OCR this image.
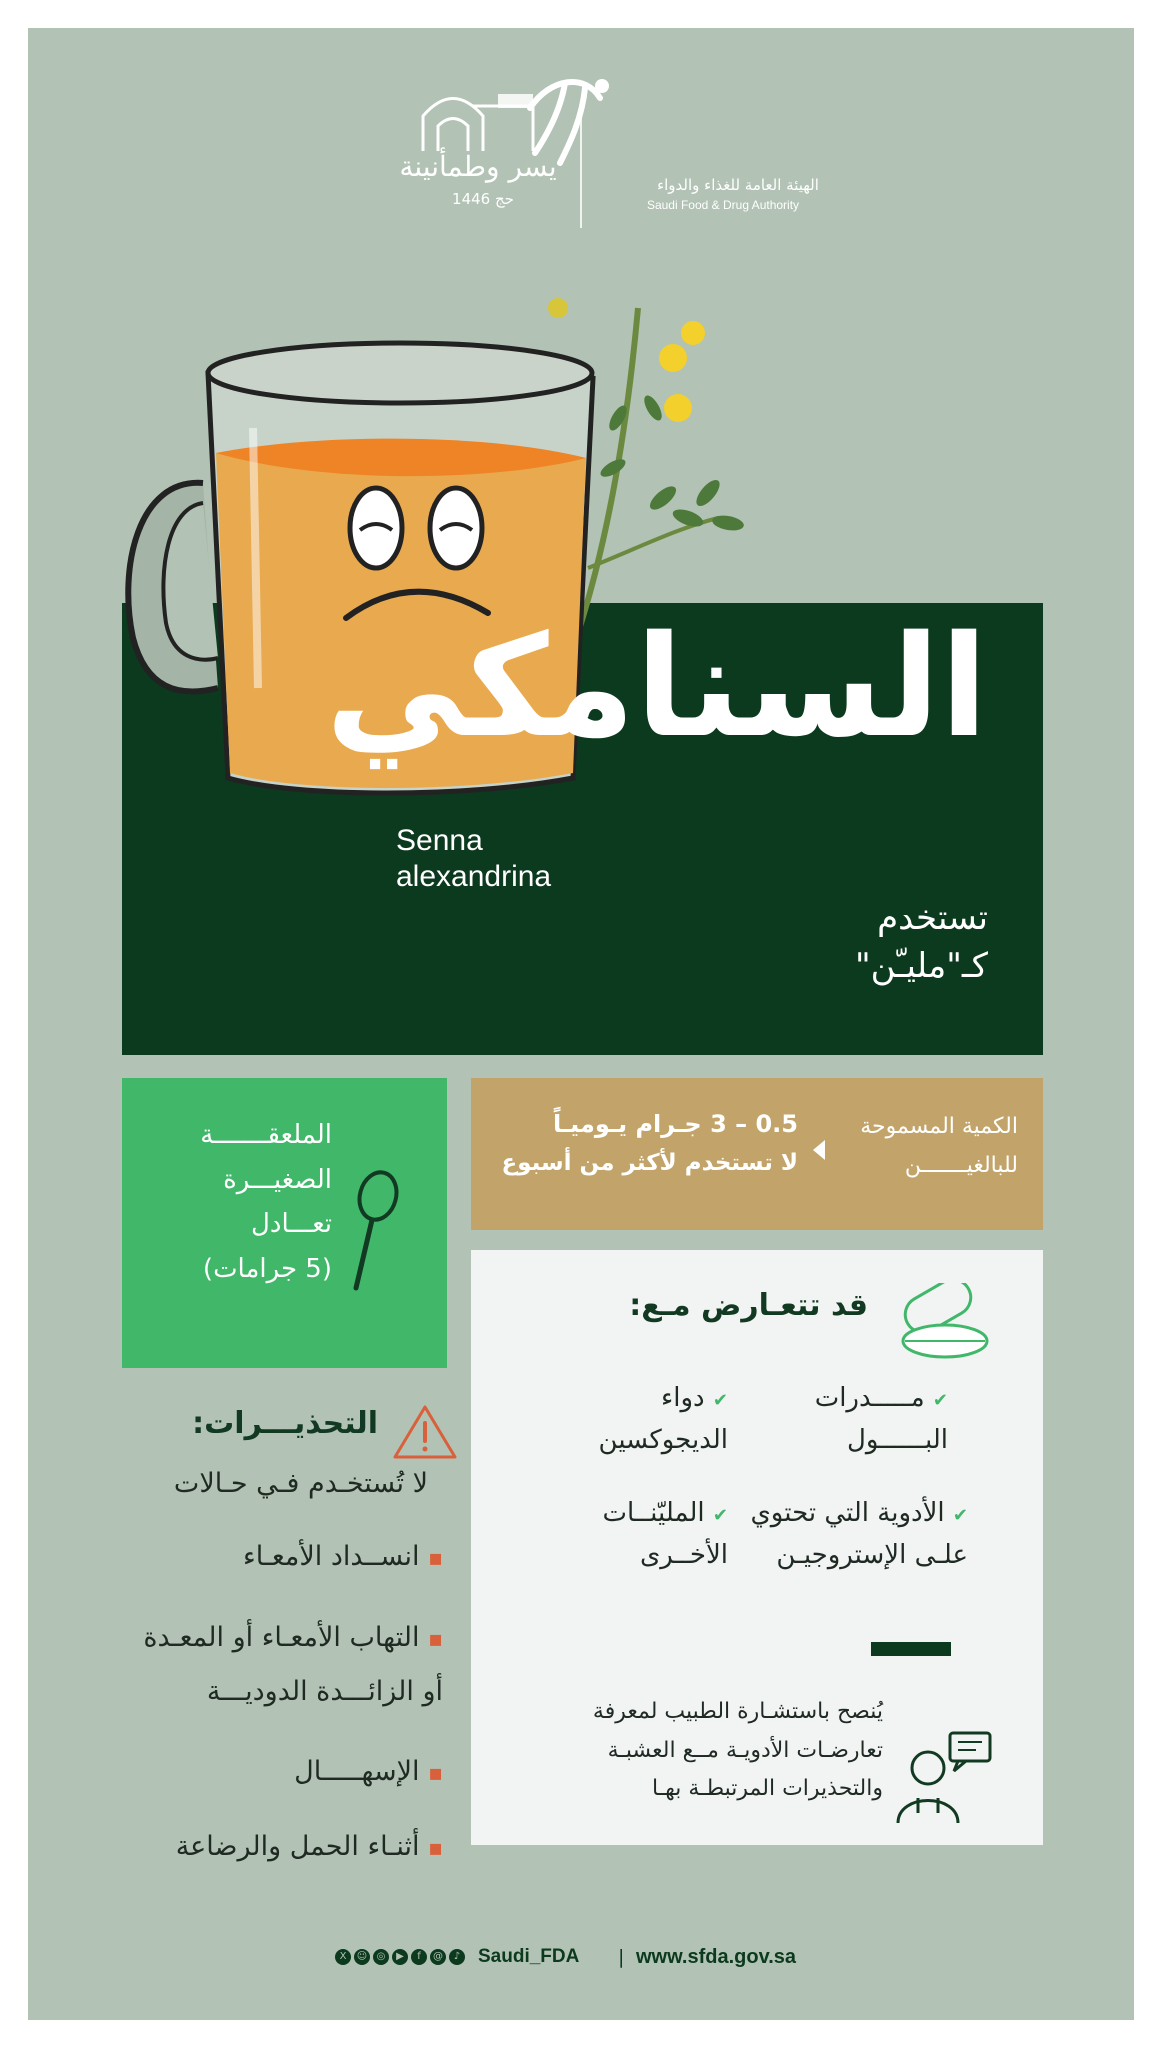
الهيئة العامة للغذاء والدواء
Saudi Food & Drug Authority
يسر وطمأنينة
حج 1446
السنامكي
Senna
alexandrina
تستخدم
كـ"مليـّن"
الكمية المسموحة
للبالغيـــــــن
0.5 – 3 جـرام يـوميـاً
لا تستخدم لأكثر من أسبوع
الملعقـــــــة
الصغيـــرة
تعـــادل
(5 جرامات)
قد تتعـارض مـع:
✔ مـــــدرات
البــــــول
✔ دواء
الديجوكسين
✔ الأدوية التي تحتوي
علـى الإستروجيـن
✔ المليّنــات
الأخــرى
يُنصح باستشـارة الطبيب لمعرفة
تعارضـات الأدويـة مــع العشبـة
والتحذيرات المرتبطـة بهـا
التحذيـــرات:
لا تُستخـدم فـي حـالات
▪ انســداد الأمعـاء
▪ التهاب الأمعـاء أو المعـدة
أو الزائـــدة الدوديـــة
▪ الإسهـــــال
▪ أثنـاء الحمل والرضاعة
X	☺ ◎	▶	f	@	♪ Saudi_FDA	| www.sfda.gov.sa
